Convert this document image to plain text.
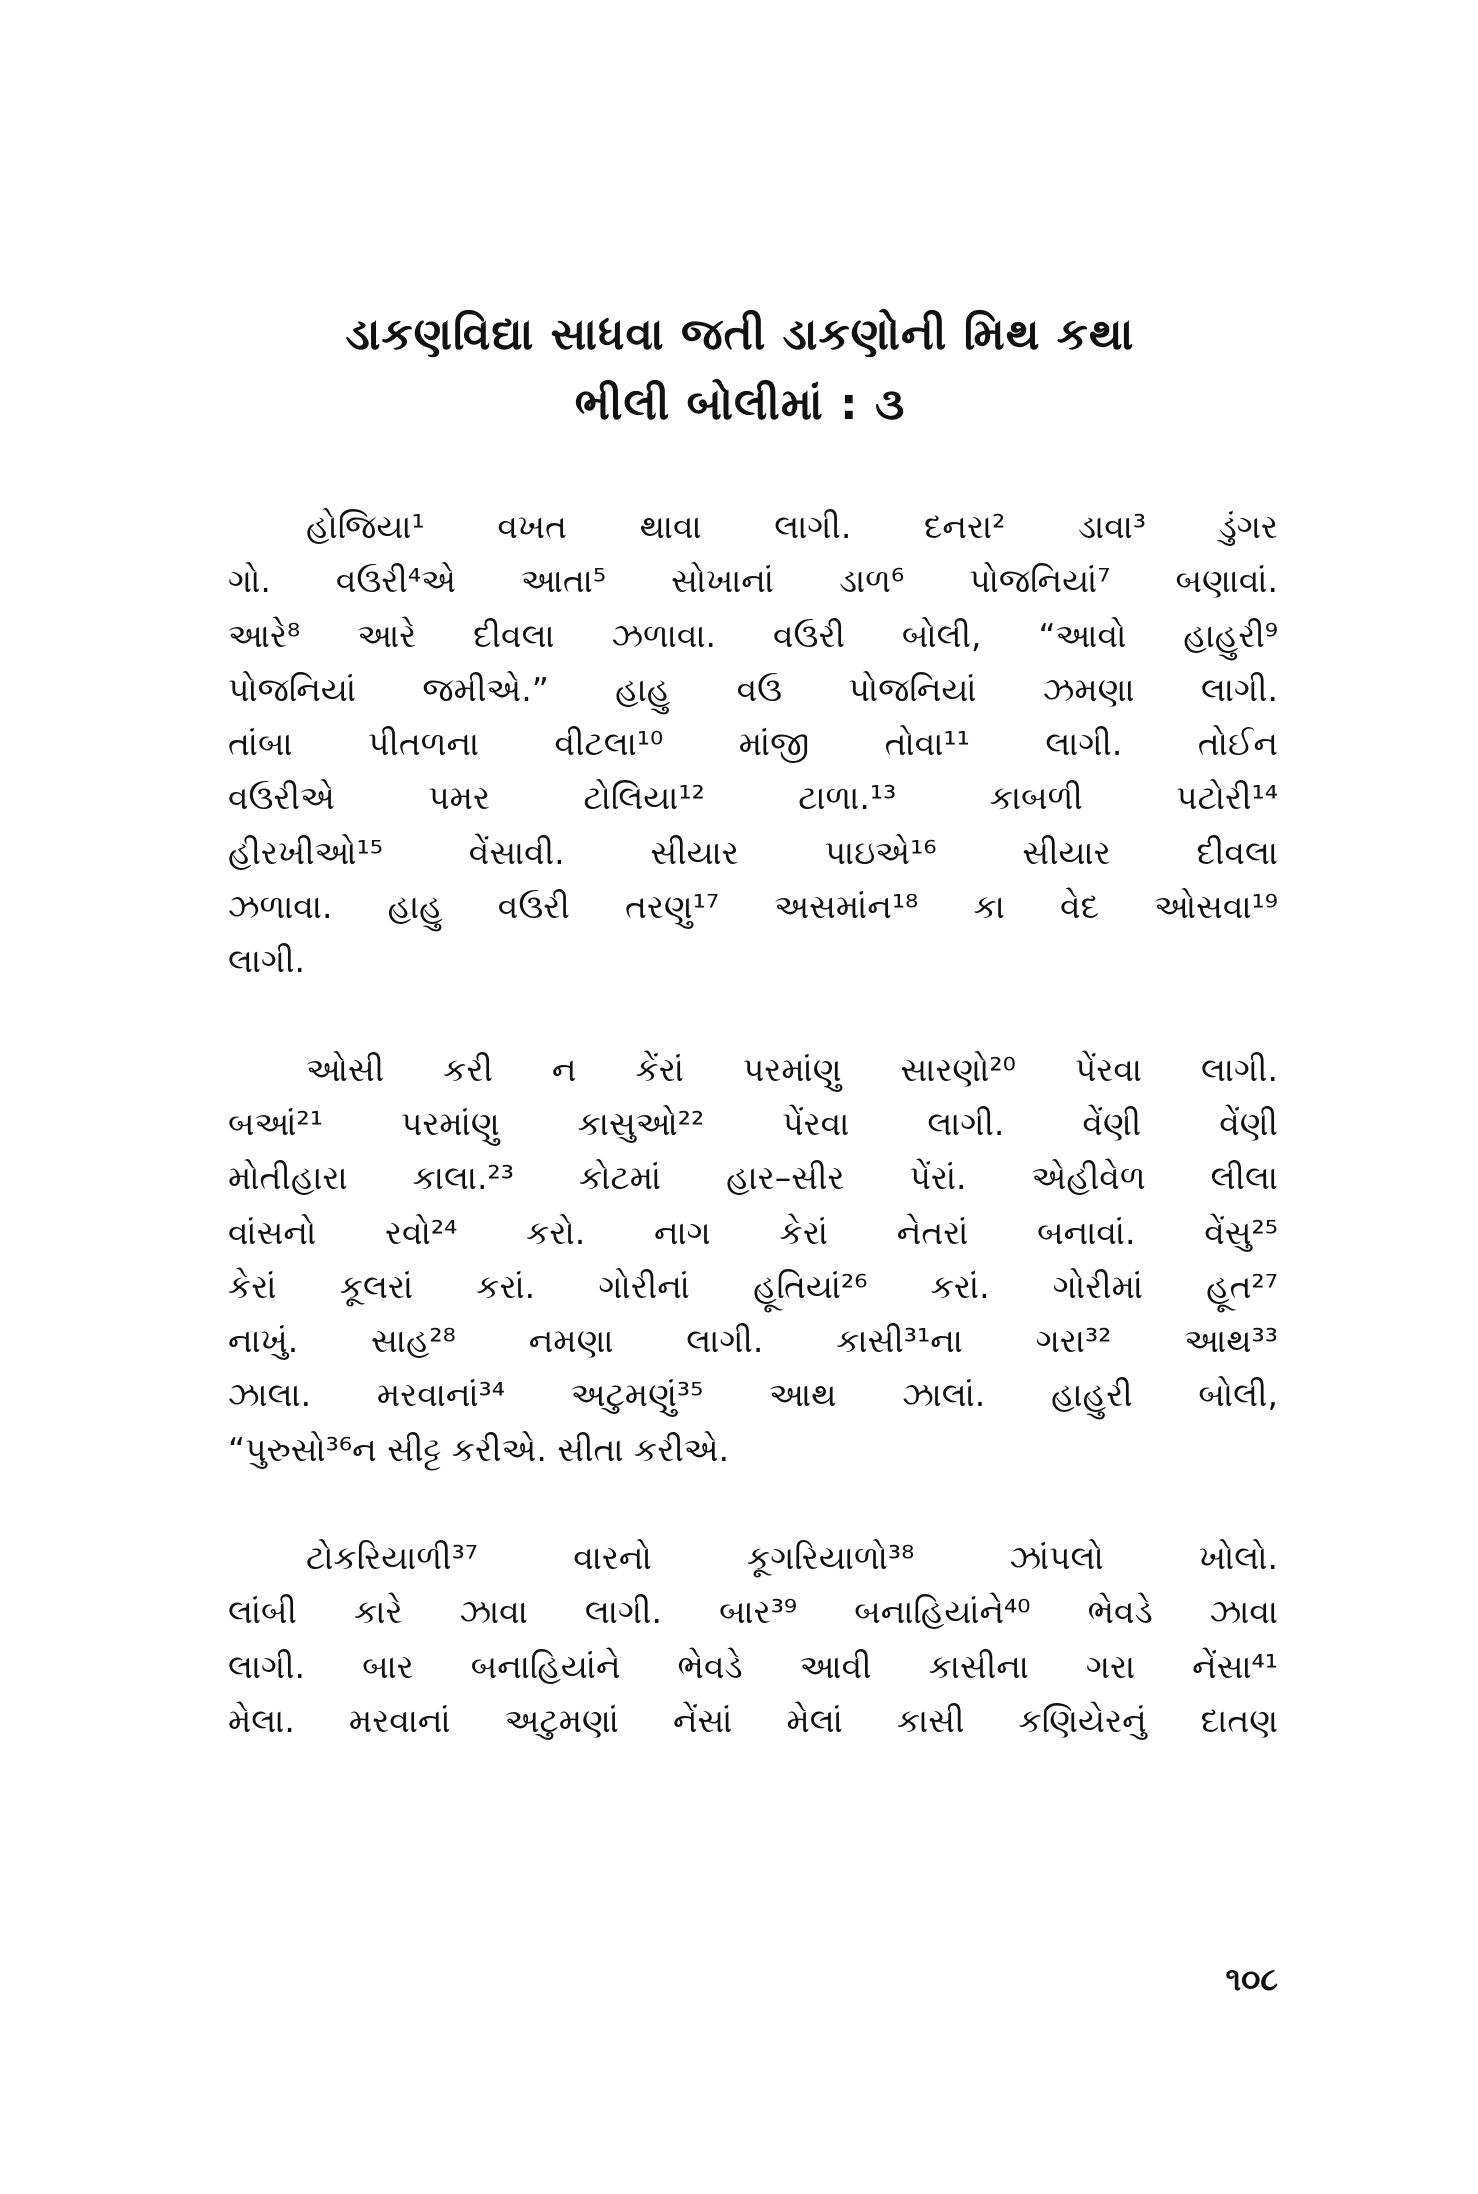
ડાકણવિદ્યા સાધવા જતી ડાકણોની મિથ કથા
ભીલી બોલીમાં : ૩
હોજિયા¹ વખત થાવા લાગી. દનરા² ડાવા³ ડુંગર
ગો. વઉરી⁴એ આતા⁵ સોખાનાં ડાળ⁶ પોજનિયાં⁷ બણાવાં.
આરે⁸ આરે દીવલા ઝળાવા. વઉરી બોલી, “આવો હાહુરી⁹
પોજનિયાં જમીએ.” હાહુ વઉ પોજનિયાં ઝમણા લાગી.
તાંબા પીતળના વીટલા¹⁰ માંજી તોવા¹¹ લાગી. તોઈન
વઉરીએ પમર ટોલિયા¹² ટાળા.¹³ કાબળી પટોરી¹⁴
હીરખીઓ¹⁵ વેંસાવી. સીયાર પાઇએ¹⁶ સીયાર દીવલા
ઝળાવા. હાહુ વઉરી તરણુ¹⁷ અસમાંન¹⁸ કા વેદ ઓસવા¹⁹
લાગી.
ઓસી કરી ન કેંરાં પરમાંણુ સારણો²⁰ પેંરવા લાગી.
બઆં²¹ પરમાંણુ કાસુઓ²² પેંરવા લાગી. વેંણી વેંણી
મોતીહારા કાલા.²³ કોટમાં હાર–સીર પેંરાં. એહીવેળ લીલા
વાંસનો રવો²⁴ કરો. નાગ કેરાં નેતરાં બનાવાં. વેંસુ²⁵
કેરાં કૂલરાં કરાં. ગોરીનાં હૂતિયાં²⁶ કરાં. ગોરીમાં હૂત²⁷
નાખું. સાહ²⁸ નમણા લાગી. કાસી³¹ના ગરા³² આથ³³
ઝાલા. મરવાનાં³⁴ અટુમણું³⁵ આથ ઝાલાં. હાહુરી બોલી,
“પુરુસો³⁶ન સીટ્ટ કરીએ. સીતા કરીએ.
ટોકરિયાળી³⁷ વારનો કૂગરિયાળો³⁸ ઝાંપલો ખોલો.
લાંબી કારે ઝાવા લાગી. બાર³⁹ બનાહિયાંને⁴⁰ ભેવડે ઝાવા
લાગી. બાર બનાહિયાંને ભેવડે આવી કાસીના ગરા નેંસા⁴¹
મેલા. મરવાનાં અટુમણાં નેંસાં મેલાં કાસી કણિયેરનું દાતણ
૧૦૮
